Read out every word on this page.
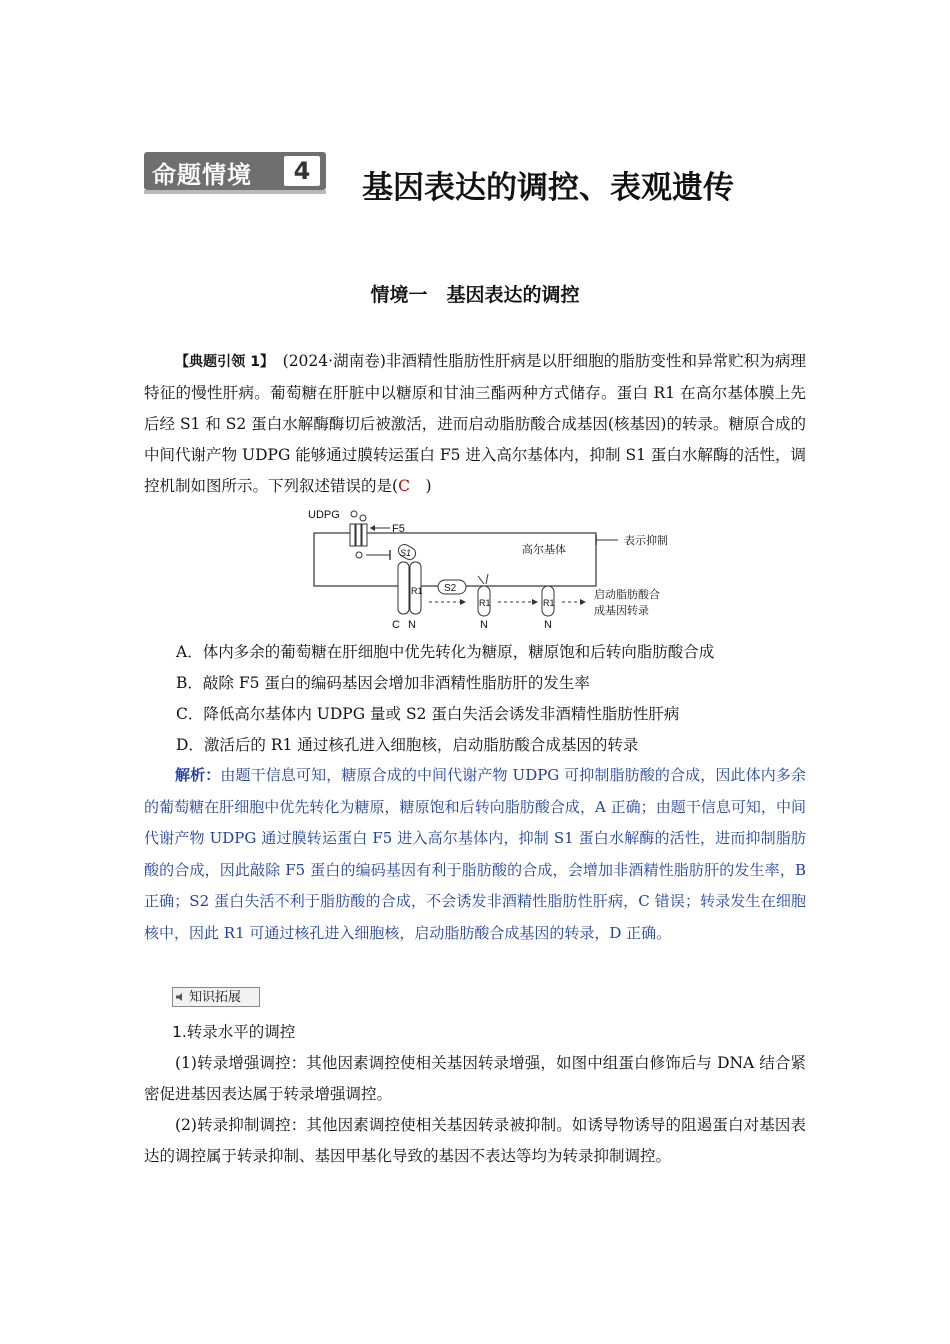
命题情境	4	基因表达的调控、表观遗传
情境一　基因表达的调控
【典题引领 1】　(2024·湖南卷)非酒精性脂肪性肝病是以肝细胞的脂肪变性和异常贮积为病理特征的慢性肝病。葡萄糖在肝脏中以糖原和甘油三酯两种方式储存。蛋白 R1 在高尔基体膜上先后经 S1 和 S2 蛋白水解酶酶切后被激活，进而启动脂肪酸合成基因(核基因)的转录。糖原合成的中间代谢产物 UDPG 能够通过膜转运蛋白 F5 进入高尔基体内，抑制 S1 蛋白水解酶的活性，调控机制如图所示。下列叙述错误的是(C　)
UDPG
F5
S1
R1
C N
高尔基体
表示抑制
S2
R1
N
R1
N
启动脂肪酸合
成基因转录
A．体内多余的葡萄糖在肝细胞中优先转化为糖原，糖原饱和后转向脂肪酸合成
B．敲除 F5 蛋白的编码基因会增加非酒精性脂肪肝的发生率
C．降低高尔基体内 UDPG 量或 S2 蛋白失活会诱发非酒精性脂肪性肝病
D．激活后的 R1 通过核孔进入细胞核，启动脂肪酸合成基因的转录
解析：由题干信息可知，糖原合成的中间代谢产物 UDPG 可抑制脂肪酸的合成，因此体内多余的葡萄糖在肝细胞中优先转化为糖原，糖原饱和后转向脂肪酸合成，A 正确；由题干信息可知，中间代谢产物 UDPG 通过膜转运蛋白 F5 进入高尔基体内，抑制 S1 蛋白水解酶的活性，进而抑制脂肪酸的合成，因此敲除 F5 蛋白的编码基因有利于脂肪酸的合成，会增加非酒精性脂肪肝的发生率，B 正确；S2 蛋白失活不利于脂肪酸的合成，不会诱发非酒精性脂肪性肝病，C 错误；转录发生在细胞核中，因此 R1 可通过核孔进入细胞核，启动脂肪酸合成基因的转录，D 正确。
知识拓展
1.转录水平的调控
(1)转录增强调控：其他因素调控使相关基因转录增强，如图中组蛋白修饰后与 DNA 结合紧密促进基因表达属于转录增强调控。
(2)转录抑制调控：其他因素调控使相关基因转录被抑制。如诱导物诱导的阻遏蛋白对基因表达的调控属于转录抑制、基因甲基化导致的基因不表达等均为转录抑制调控。
